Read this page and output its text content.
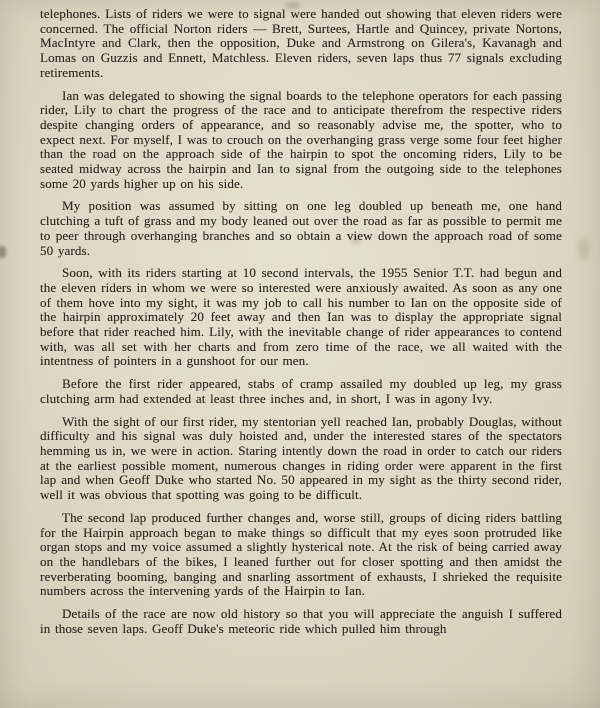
telephones. Lists of riders we were to signal were handed out showing that eleven riders were concerned. The official Norton riders — Brett, Surtees, Hartle and Quincey, private Nortons, MacIntyre and Clark, then the opposition, Duke and Armstrong on Gilera's, Kavanagh and Lomas on Guzzis and Ennett, Matchless. Eleven riders, seven laps thus 77 signals excluding retirements.

Ian was delegated to showing the signal boards to the telephone operators for each passing rider, Lily to chart the progress of the race and to anticipate therefrom the respective riders despite changing orders of appearance, and so reasonably advise me, the spotter, who to expect next. For myself, I was to crouch on the overhanging grass verge some four feet higher than the road on the approach side of the hairpin to spot the oncoming riders, Lily to be seated midway across the hairpin and Ian to signal from the outgoing side to the telephones some 20 yards higher up on his side.

My position was assumed by sitting on one leg doubled up beneath me, one hand clutching a tuft of grass and my body leaned out over the road as far as possible to permit me to peer through overhanging branches and so obtain a view down the approach road of some 50 yards.

Soon, with its riders starting at 10 second intervals, the 1955 Senior T.T. had begun and the eleven riders in whom we were so interested were anxiously awaited. As soon as any one of them hove into my sight, it was my job to call his number to Ian on the opposite side of the hairpin approximately 20 feet away and then Ian was to display the appropriate signal before that rider reached him. Lily, with the inevitable change of rider appearances to contend with, was all set with her charts and from zero time of the race, we all waited with the intentness of pointers in a gunshoot for our men.

Before the first rider appeared, stabs of cramp assailed my doubled up leg, my grass clutching arm had extended at least three inches and, in short, I was in agony Ivy.

With the sight of our first rider, my stentorian yell reached Ian, probably Douglas, without difficulty and his signal was duly hoisted and, under the interested stares of the spectators hemming us in, we were in action. Staring intently down the road in order to catch our riders at the earliest possible moment, numerous changes in riding order were apparent in the first lap and when Geoff Duke who started No. 50 appeared in my sight as the thirty second rider, well it was obvious that spotting was going to be difficult.

The second lap produced further changes and, worse still, groups of dicing riders battling for the Hairpin approach began to make things so difficult that my eyes soon protruded like organ stops and my voice assumed a slightly hysterical note. At the risk of being carried away on the handlebars of the bikes, I leaned further out for closer spotting and then amidst the reverberating booming, banging and snarling assortment of exhausts, I shrieked the requisite numbers across the intervening yards of the Hairpin to Ian.

Details of the race are now old history so that you will appreciate the anguish I suffered in those seven laps. Geoff Duke's meteoric ride which pulled him through
